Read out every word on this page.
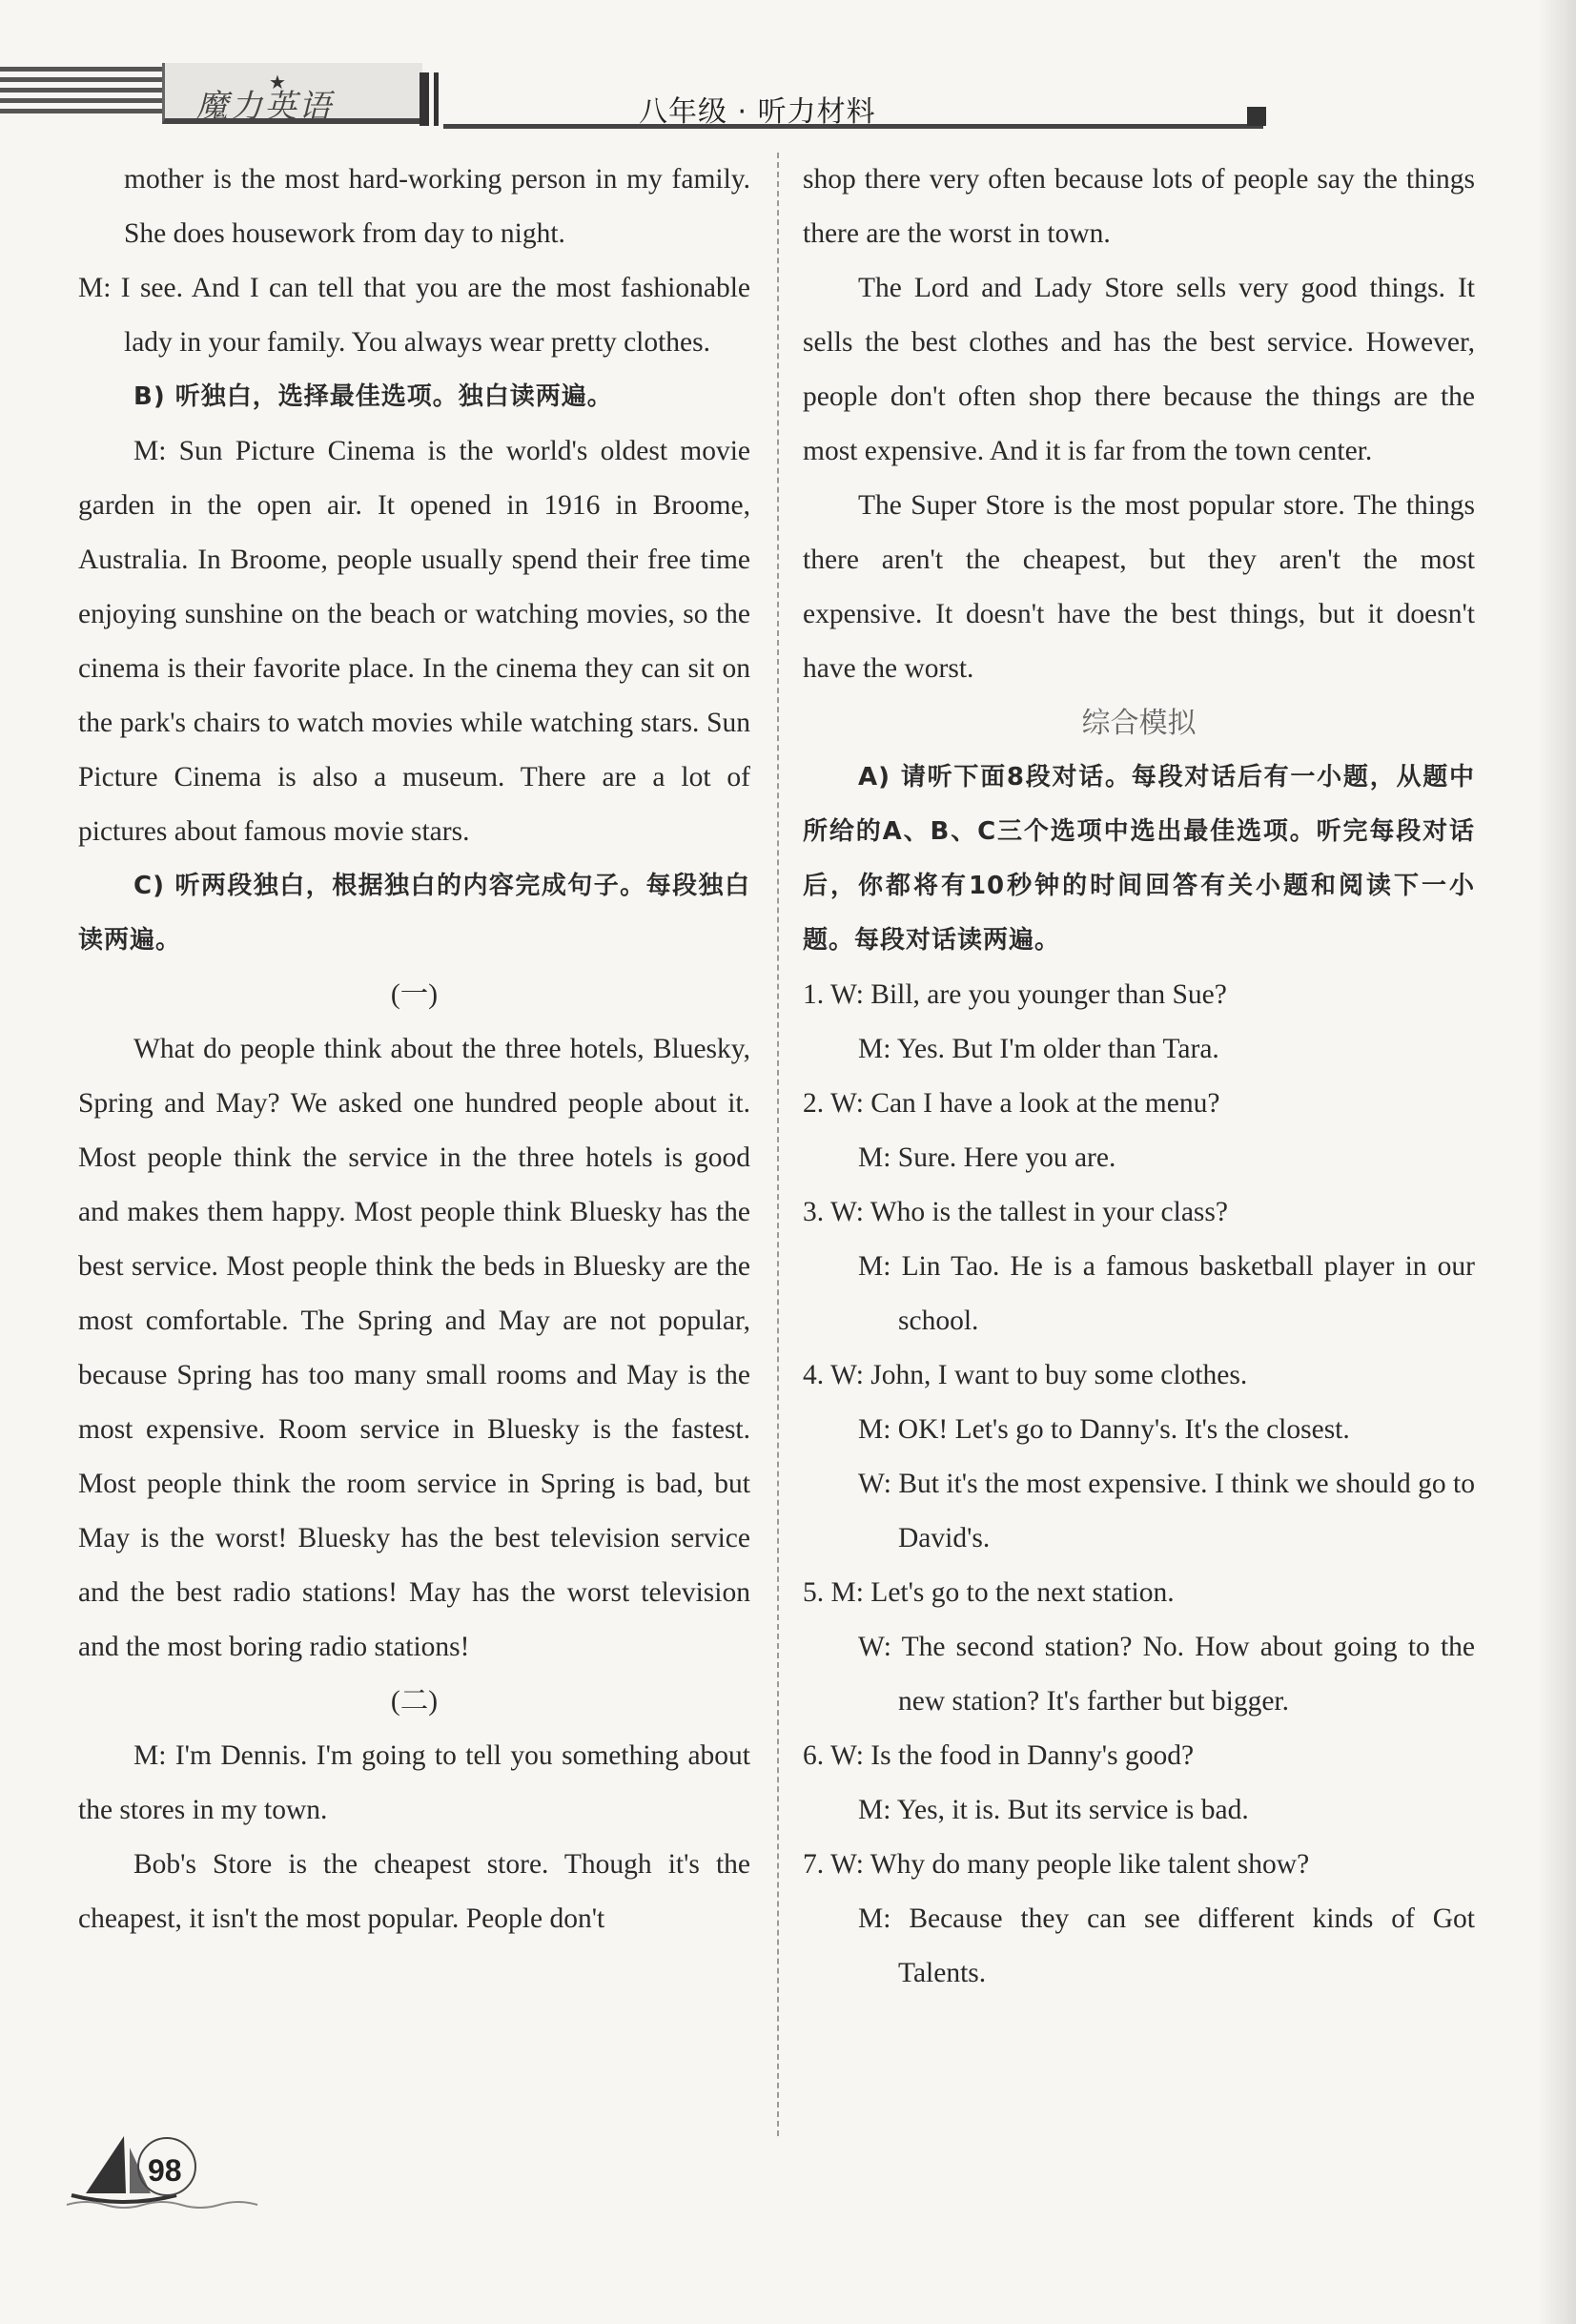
魔力英语
★
八年级 · 听力材料

mother is the most hard-working person in my family. She does housework from day to night.

M: I see. And I can tell that you are the most fashionable lady in your family. You always wear pretty clothes.

B) 听独白，选择最佳选项。独白读两遍。

M: Sun Picture Cinema is the world's oldest movie garden in the open air. It opened in 1916 in Broome, Australia. In Broome, people usually spend their free time enjoying sunshine on the beach or watching movies, so the cinema is their favorite place. In the cinema they can sit on the park's chairs to watch movies while watching stars. Sun Picture Cinema is also a museum. There are a lot of pictures about famous movie stars.

C) 听两段独白，根据独白的内容完成句子。每段独白读两遍。

(一)

What do people think about the three hotels, Bluesky, Spring and May? We asked one hundred people about it. Most people think the service in the three hotels is good and makes them happy. Most people think Bluesky has the best service. Most people think the beds in Bluesky are the most comfortable. The Spring and May are not popular, because Spring has too many small rooms and May is the most expensive. Room service in Bluesky is the fastest. Most people think the room service in Spring is bad, but May is the worst! Bluesky has the best television service and the best radio stations! May has the worst television and the most boring radio stations!

(二)

M: I'm Dennis. I'm going to tell you something about the stores in my town.

Bob's Store is the cheapest store. Though it's the cheapest, it isn't the most popular. People don't

shop there very often because lots of people say the things there are the worst in town.

The Lord and Lady Store sells very good things. It sells the best clothes and has the best service. However, people don't often shop there because the things are the most expensive. And it is far from the town center.

The Super Store is the most popular store. The things there aren't the cheapest, but they aren't the most expensive. It doesn't have the best things, but it doesn't have the worst.

综合模拟

A) 请听下面8段对话。每段对话后有一小题，从题中所给的A、B、C三个选项中选出最佳选项。听完每段对话后，你都将有10秒钟的时间回答有关小题和阅读下一小题。每段对话读两遍。

1. W: Bill, are you younger than Sue?

M: Yes. But I'm older than Tara.

2. W: Can I have a look at the menu?

M: Sure. Here you are.

3. W: Who is the tallest in your class?

M: Lin Tao. He is a famous basketball player in our school.

4. W: John, I want to buy some clothes.

M: OK! Let's go to Danny's. It's the closest.

W: But it's the most expensive. I think we should go to David's.

5. M: Let's go to the next station.

W: The second station? No. How about going to the new station? It's farther but bigger.

6. W: Is the food in Danny's good?

M: Yes, it is. But its service is bad.

7. W: Why do many people like talent show?

M: Because they can see different kinds of Got Talents.

98
